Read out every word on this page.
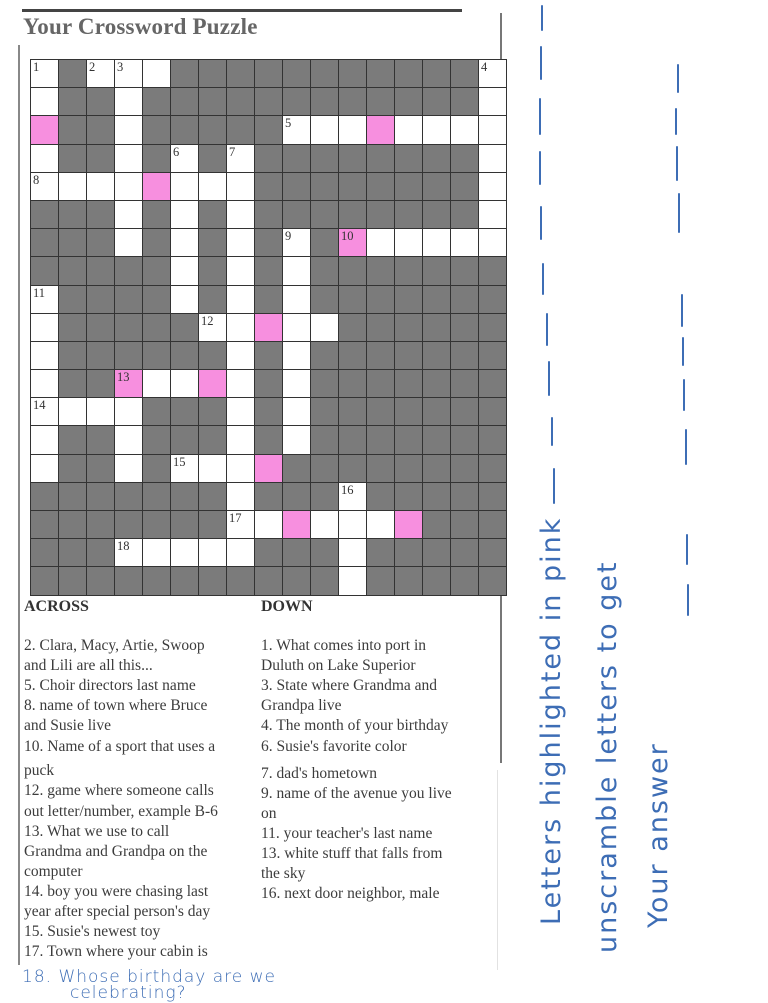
Your Crossword Puzzle
1	2 3	4
5
6	7
8
9	10
11
12
13
14
15
16
17
18
ACROSS
2. Clara, Macy, Artie, Swoop
and Lili are all this...
5. Choir directors last name
8. name of town where Bruce
and Susie live
10. Name of a sport that uses a
puck
12. game where someone calls
out letter/number, example B-6
13. What we use to call
Grandma and Grandpa on the
computer
14. boy you were chasing last
year after special person's day
15. Susie's newest toy
17. Town where your cabin is
DOWN
1. What comes into port in
Duluth on Lake Superior
3. State where Grandma and
Grandpa live
4. The month of your birthday
6. Susie's favorite color
7. dad's hometown
9. name of the avenue you live
on
11. your teacher's last name
13. white stuff that falls from
the sky
16. next door neighbor, male
18. Whose birthday are we
celebrating?
Letters highlighted in pink unscramble letters to get Your answer
